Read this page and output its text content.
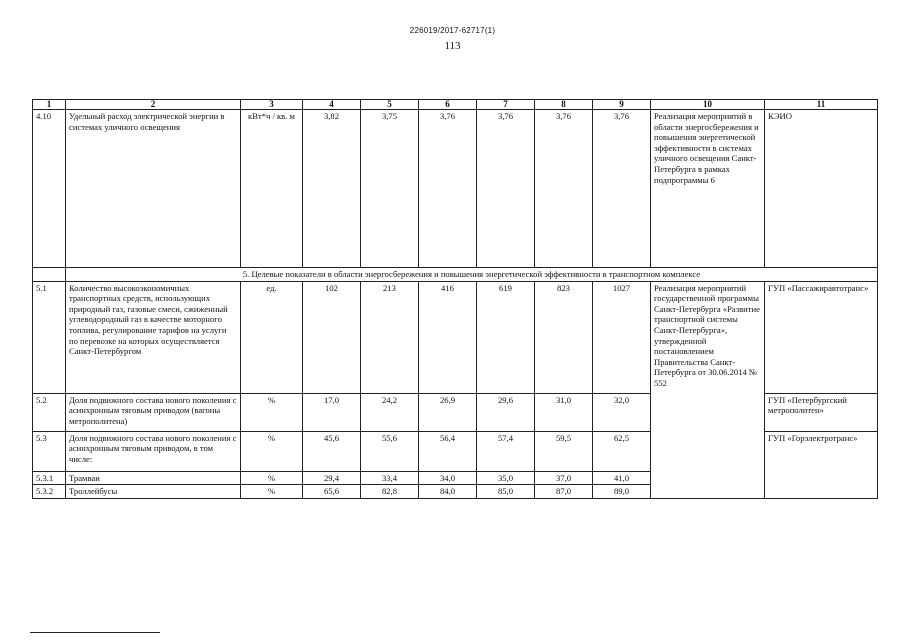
226019/2017-62717(1)
113
1	2	3	4	5	6	7	8	9	10	11
4.10	Удельный расход электрической энергии в системах уличного освещения	кВт*ч / кв. м	3,82	3,75	3,76	3,76	3,76	3,76	Реализация мероприятий в области энергосбережения и повышения энергетической эффективности в системах уличного освещения Санкт-Петербурга в рамках подпрограммы 6	КЭИО
	5. Целевые показатели в области энергосбережения и повышения энергетической эффективности в транспортном комплексе									
5.1	Количество высокоэкономичных транспортных средств, использующих природный газ, газовые смеси, сжиженный углеводородный газ в качестве моторного топлива, регулирование тарифов на услуги по перевозке на которых осуществляется Санкт-Петербургом	ед.	102	213	416	619	823	1027	Реализация мероприятий государственной программы Санкт-Петербурга «Развитие транспортной системы Санкт-Петербурга», утвержденной постановлением Правительства Санкт-Петербурга от 30.06.2014 № 552	ГУП «Пассажиравтотранс»
5.2	Доля подвижного состава нового поколения с асинхронным тяговым приводом (вагоны метрополитена)	%	17,0	24,2	26,9	29,6	31,0	32,0		ГУП «Петербургский метрополитен»
5.3	Доля подвижного состава нового поколения с асинхронным тяговым приводом, в том числе:	%	45,6	55,6	56,4	57,4	59,5	62,5		ГУП «Горэлектротранс»
5.3.1	Трамваи	%	29,4	33,4	34,0	35,0	37,0	41,0		
5.3.2	Троллейбусы	%	65,6	82,8	84,0	85,0	87,0	89,0		
